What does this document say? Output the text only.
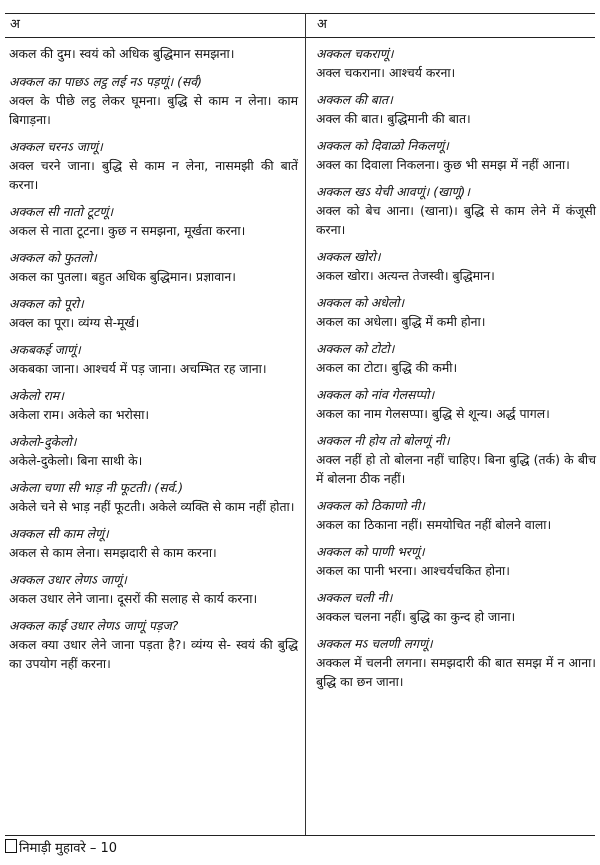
अ	अ
अकल की दुम। स्वयं को अधिक बुद्धिमान समझना।
अक्कल का पाछऽ लट्ठ लई नऽ पड़णूं। (सर्व)
अक्ल के पीछे लट्ठ लेकर घूमना। बुद्धि से काम न लेना। काम बिगाड़ना।
अक्कल चरनऽ जाणूं।
अक्ल चरने जाना। बुद्धि से काम न लेना, नासमझी की बातें करना।
अक्कल सी नातो टूटणूं।
अकल से नाता टूटना। कुछ न समझना, मूर्खता करना।
अक्कल को फुतलो।
अकल का पुतला। बहुत अधिक बुद्धिमान। प्रज्ञावान।
अक्कल को पूरो।
अक्ल का पूरा। व्यंग्य से-मूर्ख।
अकबकई जाणूं।
अकबका जाना। आश्चर्य में पड़ जाना। अचम्भित रह जाना।
अकेलो राम।
अकेला राम। अकेले का भरोसा।
अकेलो-दुकेलो।
अकेले-दुकेलो। बिना साथी के।
अकेला चणा सी भाड़ नी फूटती। (सर्व.)
अकेले चने से भाड़ नहीं फूटती। अकेले व्यक्ति से काम नहीं होता।
अक्कल सी काम लेणूं।
अकल से काम लेना। समझदारी से काम करना।
अक्कल उधार लेणऽ जाणूं।
अकल उधार लेने जाना। दूसरों की सलाह से कार्य करना।
अक्कल काई उधार लेणऽ जाणूं पड़ज?
अकल क्या उधार लेने जाना पड़ता है?। व्यंग्य से- स्वयं की बुद्धि का उपयोग नहीं करना।
अक्कल चकराणूं।
अक्ल चकराना। आश्चर्य करना।
अक्कल की बात।
अक्ल की बात। बुद्धिमानी की बात।
अक्कल को दिवाळो निकलणूं।
अक्ल का दिवाला निकलना। कुछ भी समझ में नहीं आना।
अक्कल खऽ येची आवणूं। (खाणूं)।
अक्ल को बेच आना। (खाना)। बुद्धि से काम लेने में कंजूसी करना।
अक्कल खोरो।
अकल खोरा। अत्यन्त तेजस्वी। बुद्धिमान।
अक्कल को अधेलो।
अकल का अधेला। बुद्धि में कमी होना।
अक्कल को टोटो।
अकल का टोटा। बुद्धि की कमी।
अक्कल को नांव गेलसप्पो।
अकल का नाम गेलसप्पा। बुद्धि से शून्य। अर्द्ध पागल।
अक्कल नी होय तो बोलणूं नी।
अक्ल नहीं हो तो बोलना नहीं चाहिए। बिना बुद्धि (तर्क) के बीच में बोलना ठीक नहीं।
अक्कल को ठिकाणो नी।
अकल का ठिकाना नहीं। समयोचित नहीं बोलने वाला।
अक्कल को पाणी भरणूं।
अकल का पानी भरना। आश्चर्यचकित होना।
अक्कल चली नी।
अक्कल चलना नहीं। बुद्धि का कुन्द हो जाना।
अक्कल मऽ चलणी लगणूं।
अक्कल में चलनी लगना। समझदारी की बात समझ में न आना। बुद्धि का छन जाना।
निमाड़ी मुहावरे – 10
